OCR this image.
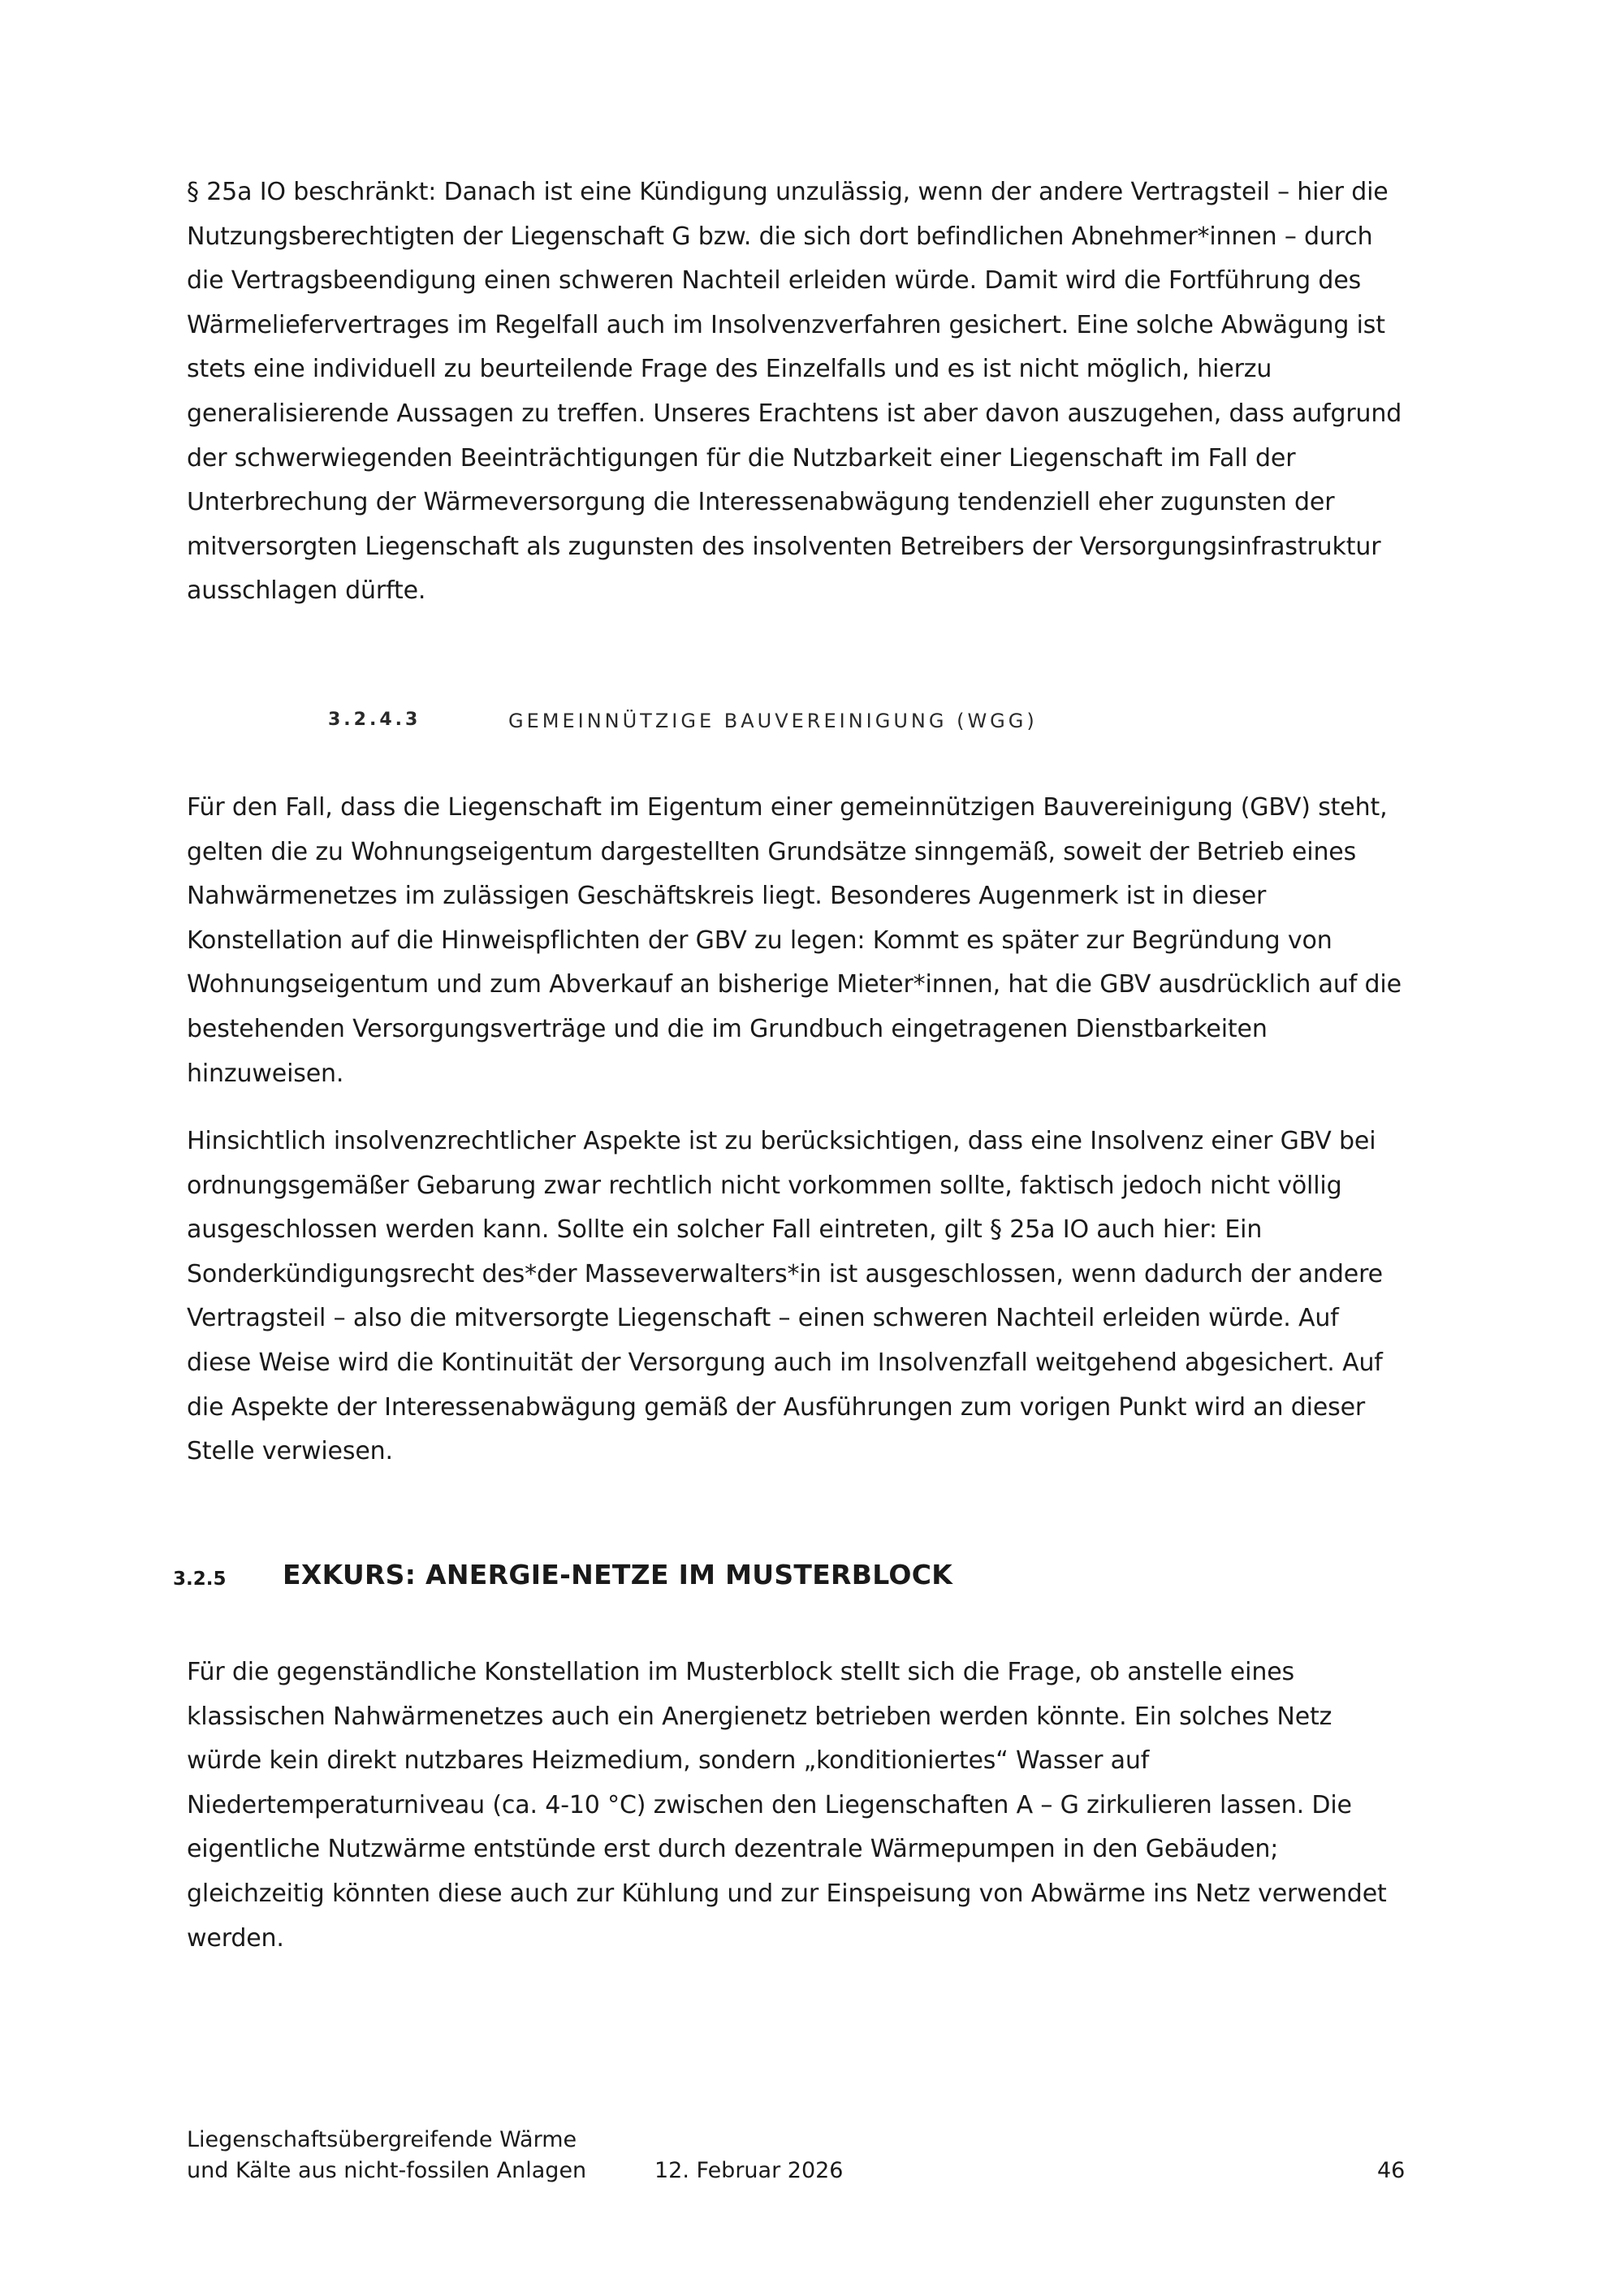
§ 25a IO beschränkt: Danach ist eine Kündigung unzulässig, wenn der andere Vertragsteil – hier die
Nutzungsberechtigten der Liegenschaft G bzw. die sich dort befindlichen Abnehmer*innen – durch
die Vertragsbeendigung einen schweren Nachteil erleiden würde. Damit wird die Fortführung des
Wärmeliefervertrages im Regelfall auch im Insolvenzverfahren gesichert. Eine solche Abwägung ist
stets eine individuell zu beurteilende Frage des Einzelfalls und es ist nicht möglich, hierzu
generalisierende Aussagen zu treffen. Unseres Erachtens ist aber davon auszugehen, dass aufgrund
der schwerwiegenden Beeinträchtigungen für die Nutzbarkeit einer Liegenschaft im Fall der
Unterbrechung der Wärmeversorgung die Interessenabwägung tendenziell eher zugunsten der
mitversorgten Liegenschaft als zugunsten des insolventen Betreibers der Versorgungsinfrastruktur
ausschlagen dürfte.
3.2.4.3	GEMEINNÜTZIGE BAUVEREINIGUNG (WGG)
Für den Fall, dass die Liegenschaft im Eigentum einer gemeinnützigen Bauvereinigung (GBV) steht,
gelten die zu Wohnungseigentum dargestellten Grundsätze sinngemäß, soweit der Betrieb eines
Nahwärmenetzes im zulässigen Geschäftskreis liegt. Besonderes Augenmerk ist in dieser
Konstellation auf die Hinweispflichten der GBV zu legen: Kommt es später zur Begründung von
Wohnungseigentum und zum Abverkauf an bisherige Mieter*innen, hat die GBV ausdrücklich auf die
bestehenden Versorgungsverträge und die im Grundbuch eingetragenen Dienstbarkeiten
hinzuweisen.
Hinsichtlich insolvenzrechtlicher Aspekte ist zu berücksichtigen, dass eine Insolvenz einer GBV bei
ordnungsgemäßer Gebarung zwar rechtlich nicht vorkommen sollte, faktisch jedoch nicht völlig
ausgeschlossen werden kann. Sollte ein solcher Fall eintreten, gilt § 25a IO auch hier: Ein
Sonderkündigungsrecht des*der Masseverwalters*in ist ausgeschlossen, wenn dadurch der andere
Vertragsteil – also die mitversorgte Liegenschaft – einen schweren Nachteil erleiden würde. Auf
diese Weise wird die Kontinuität der Versorgung auch im Insolvenzfall weitgehend abgesichert. Auf
die Aspekte der Interessenabwägung gemäß der Ausführungen zum vorigen Punkt wird an dieser
Stelle verwiesen.
3.2.5 EXKURS: ANERGIE-NETZE IM MUSTERBLOCK
Für die gegenständliche Konstellation im Musterblock stellt sich die Frage, ob anstelle eines
klassischen Nahwärmenetzes auch ein Anergienetz betrieben werden könnte. Ein solches Netz
würde kein direkt nutzbares Heizmedium, sondern „konditioniertes“ Wasser auf
Niedertemperaturniveau (ca. 4-10 °C) zwischen den Liegenschaften A – G zirkulieren lassen. Die
eigentliche Nutzwärme entstünde erst durch dezentrale Wärmepumpen in den Gebäuden;
gleichzeitig könnten diese auch zur Kühlung und zur Einspeisung von Abwärme ins Netz verwendet
werden.
Liegenschaftsübergreifende Wärme
und Kälte aus nicht-fossilen Anlagen	12. Februar 2026	46
